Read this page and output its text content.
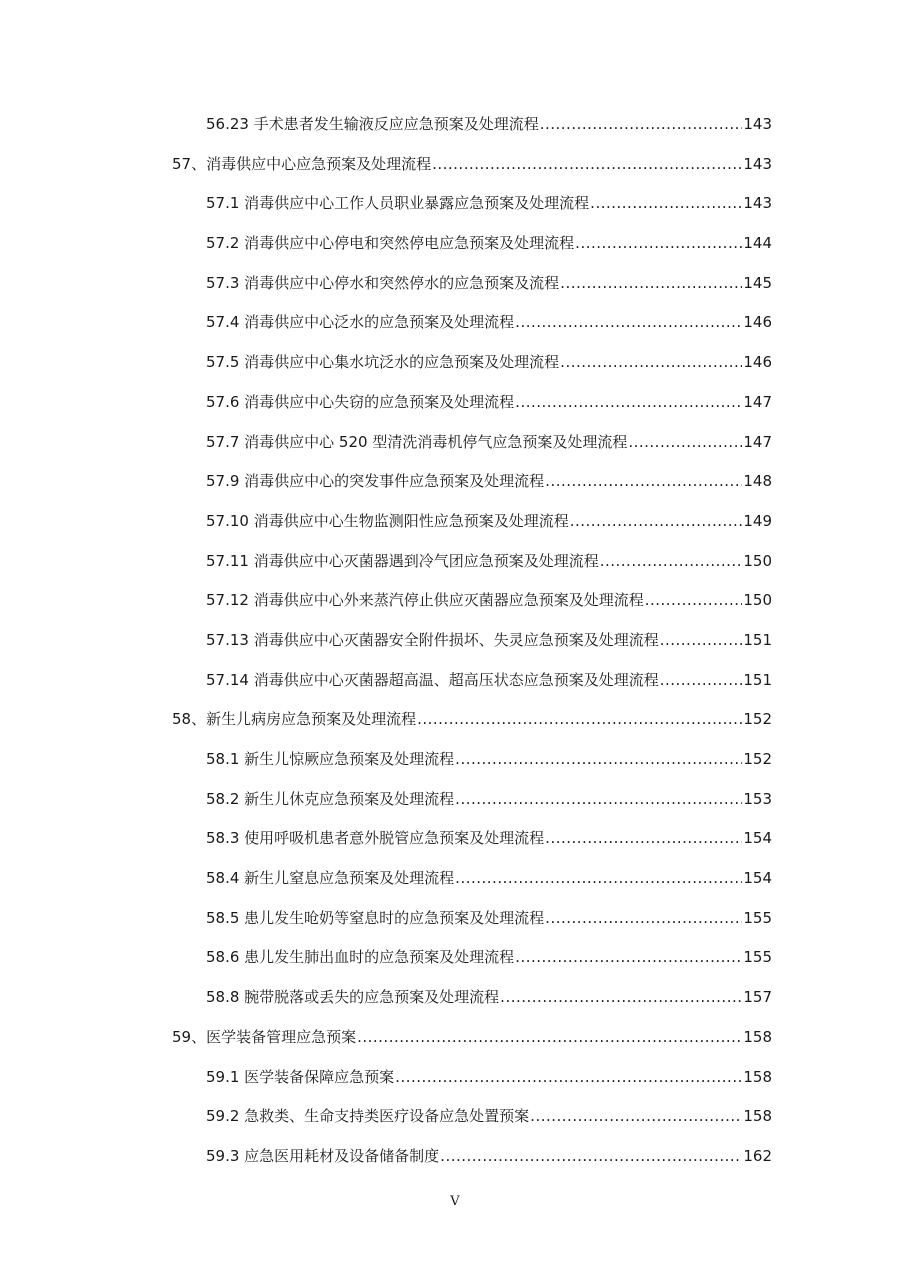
56.23 手术患者发生输液反应应急预案及处理流程 .....	143
57、消毒供应中心应急预案及处理流程 .....	143
57.1 消毒供应中心工作人员职业暴露应急预案及处理流程 .....	143
57.2 消毒供应中心停电和突然停电应急预案及处理流程 .....	144
57.3 消毒供应中心停水和突然停水的应急预案及流程 .....	145
57.4 消毒供应中心泛水的应急预案及处理流程 .....	146
57.5 消毒供应中心集水坑泛水的应急预案及处理流程 .....	146
57.6 消毒供应中心失窃的应急预案及处理流程 .....	147
57.7 消毒供应中心 520 型清洗消毒机停气应急预案及处理流程 .....	147
57.9 消毒供应中心的突发事件应急预案及处理流程 .....	148
57.10 消毒供应中心生物监测阳性应急预案及处理流程 .....	149
57.11 消毒供应中心灭菌器遇到冷气团应急预案及处理流程 .....	150
57.12 消毒供应中心外来蒸汽停止供应灭菌器应急预案及处理流程 .....	150
57.13 消毒供应中心灭菌器安全附件损坏、失灵应急预案及处理流程 .....	151
57.14 消毒供应中心灭菌器超高温、超高压状态应急预案及处理流程 .....	151
58、新生儿病房应急预案及处理流程 .....	152
58.1 新生儿惊厥应急预案及处理流程 .....	152
58.2 新生儿休克应急预案及处理流程 .....	153
58.3 使用呼吸机患者意外脱管应急预案及处理流程 .....	154
58.4 新生儿窒息应急预案及处理流程 .....	154
58.5 患儿发生呛奶等窒息时的应急预案及处理流程 .....	155
58.6 患儿发生肺出血时的应急预案及处理流程 .....	155
58.8 腕带脱落或丢失的应急预案及处理流程 .....	157
59、医学装备管理应急预案 .....	158
59.1 医学装备保障应急预案 .....	158
59.2 急救类、生命支持类医疗设备应急处置预案 .....	158
59.3 应急医用耗材及设备储备制度 .....	162
V
